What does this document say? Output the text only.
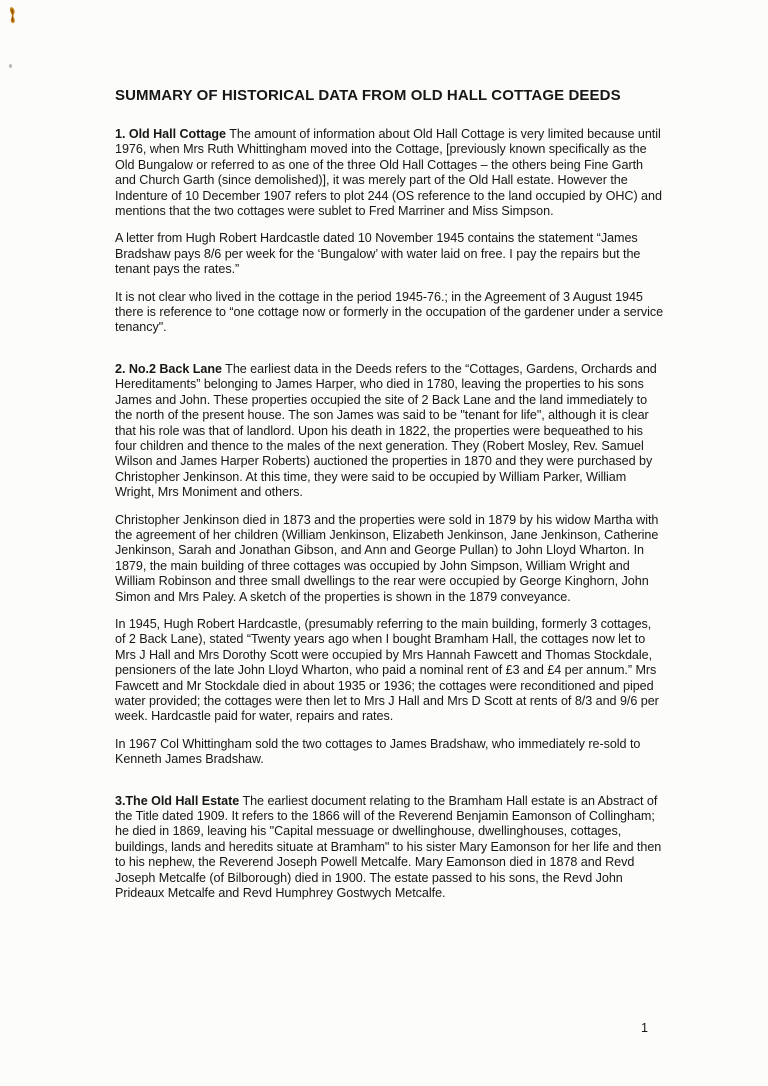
SUMMARY OF HISTORICAL DATA FROM OLD HALL COTTAGE DEEDS

1. Old Hall Cottage The amount of information about Old Hall Cottage is very limited because until 1976, when Mrs Ruth Whittingham moved into the Cottage, [previously known specifically as the Old Bungalow or referred to as one of the three Old Hall Cottages – the others being Fine Garth and Church Garth (since demolished)], it was merely part of the Old Hall estate. However the Indenture of 10 December 1907 refers to plot 244 (OS reference to the land occupied by OHC) and mentions that the two cottages were sublet to Fred Marriner and Miss Simpson.

A letter from Hugh Robert Hardcastle dated 10 November 1945 contains the statement “James Bradshaw pays 8/6 per week for the ‘Bungalow’ with water laid on free. I pay the repairs but the tenant pays the rates.”

It is not clear who lived in the cottage in the period 1945-76.; in the Agreement of 3 August 1945 there is reference to “one cottage now or formerly in the occupation of the gardener under a service tenancy".

2. No.2 Back Lane The earliest data in the Deeds refers to the “Cottages, Gardens, Orchards and Hereditaments” belonging to James Harper, who died in 1780, leaving the properties to his sons James and John. These properties occupied the site of 2 Back Lane and the land immediately to the north of the present house. The son James was said to be "tenant for life", although it is clear that his role was that of landlord. Upon his death in 1822, the properties were bequeathed to his four children and thence to the males of the next generation. They (Robert Mosley, Rev. Samuel Wilson and James Harper Roberts) auctioned the properties in 1870 and they were purchased by Christopher Jenkinson. At this time, they were said to be occupied by William Parker, William Wright, Mrs Moniment and others.

Christopher Jenkinson died in 1873 and the properties were sold in 1879 by his widow Martha with the agreement of her children (William Jenkinson, Elizabeth Jenkinson, Jane Jenkinson, Catherine Jenkinson, Sarah and Jonathan Gibson, and Ann and George Pullan) to John Lloyd Wharton. In 1879, the main building of three cottages was occupied by John Simpson, William Wright and William Robinson and three small dwellings to the rear were occupied by George Kinghorn, John Simon and Mrs Paley. A sketch of the properties is shown in the 1879 conveyance.

In 1945, Hugh Robert Hardcastle, (presumably referring to the main building, formerly 3 cottages, of 2 Back Lane), stated “Twenty years ago when I bought Bramham Hall, the cottages now let to Mrs J Hall and Mrs Dorothy Scott were occupied by Mrs Hannah Fawcett and Thomas Stockdale, pensioners of the late John Lloyd Wharton, who paid a nominal rent of £3 and £4 per annum.” Mrs Fawcett and Mr Stockdale died in about 1935 or 1936; the cottages were reconditioned and piped water provided; the cottages were then let to Mrs J Hall and Mrs D Scott at rents of 8/3 and 9/6 per week. Hardcastle paid for water, repairs and rates.

In 1967 Col Whittingham sold the two cottages to James Bradshaw, who immediately re-sold to Kenneth James Bradshaw.

3.The Old Hall Estate The earliest document relating to the Bramham Hall estate is an Abstract of the Title dated 1909. It refers to the 1866 will of the Reverend Benjamin Eamonson of Collingham; he died in 1869, leaving his "Capital messuage or dwellinghouse, dwellinghouses, cottages, buildings, lands and heredits situate at Bramham" to his sister Mary Eamonson for her life and then to his nephew, the Reverend Joseph Powell Metcalfe. Mary Eamonson died in 1878 and Revd Joseph Metcalfe (of Bilborough) died in 1900. The estate passed to his sons, the Revd John Prideaux Metcalfe and Revd Humphrey Gostwych Metcalfe.

1
